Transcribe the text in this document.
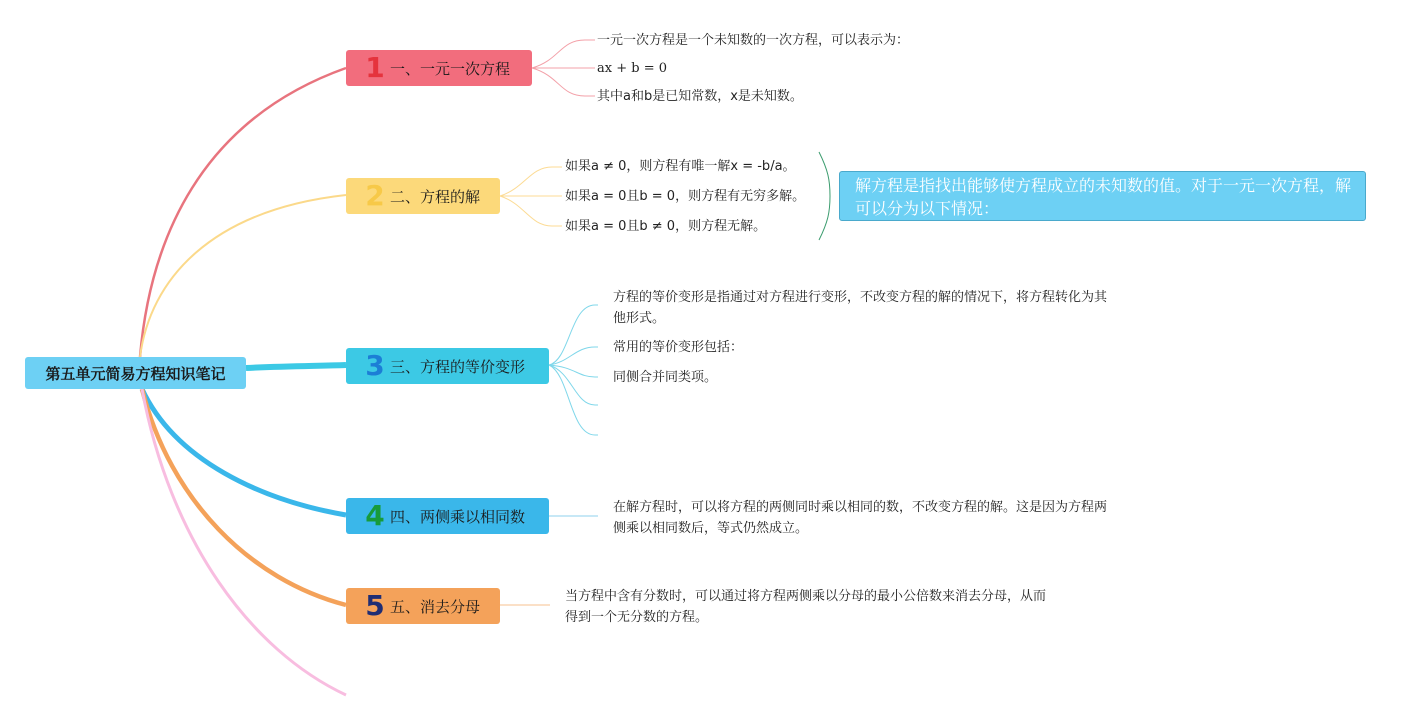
第五单元简易方程知识笔记
1 一、一元一次方程
2 二、方程的解
3 三、方程的等价变形
4 四、两侧乘以相同数
5 五、消去分母
一元一次方程是一个未知数的一次方程，可以表示为：
ax + b = 0
其中a和b是已知常数，x是未知数。
如果a ≠ 0，则方程有唯一解x = -b/a。
如果a = 0且b = 0，则方程有无穷多解。
如果a = 0且b ≠ 0，则方程无解。
解方程是指找出能够使方程成立的未知数的值。对于一元一次方程，解可以分为以下情况：
方程的等价变形是指通过对方程进行变形，不改变方程的解的情况下，将方程转化为其他形式。
常用的等价变形包括：
同侧合并同类项。
在解方程时，可以将方程的两侧同时乘以相同的数，不改变方程的解。这是因为方程两侧乘以相同数后，等式仍然成立。
当方程中含有分数时，可以通过将方程两侧乘以分母的最小公倍数来消去分母，从而得到一个无分数的方程。
